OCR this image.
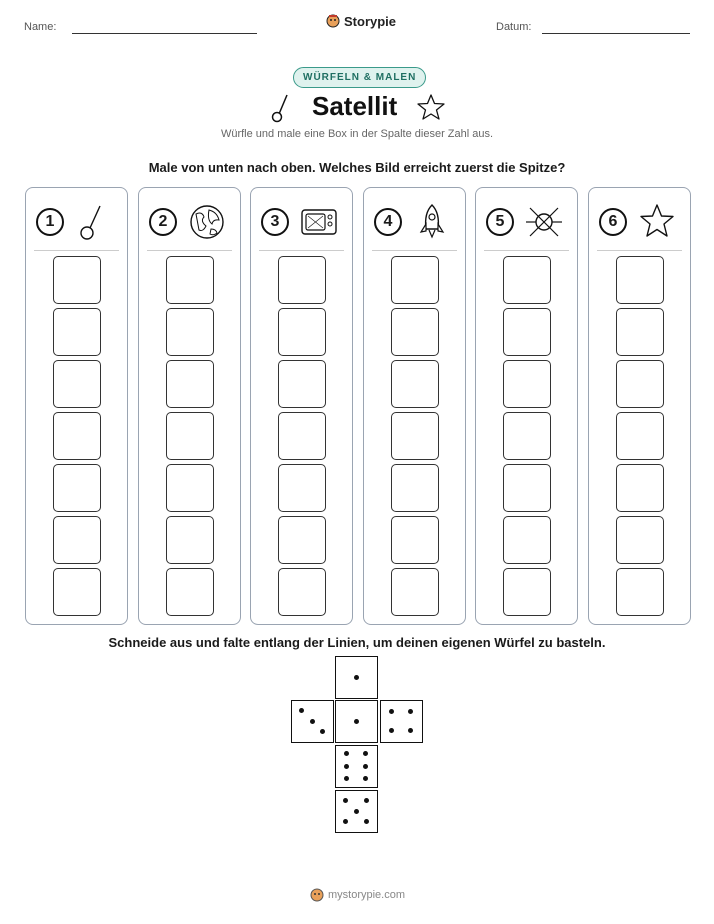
Name:	Storypie	Datum:
WÜRFELN & MALEN
Satellit
Würfle und male eine Box in der Spalte dieser Zahl aus.
Male von unten nach oben. Welches Bild erreicht zuerst die Spitze?
1	2	3	4	5	6
Schneide aus und falte entlang der Linien, um deinen eigenen Würfel zu basteln.
mystorypie.com
